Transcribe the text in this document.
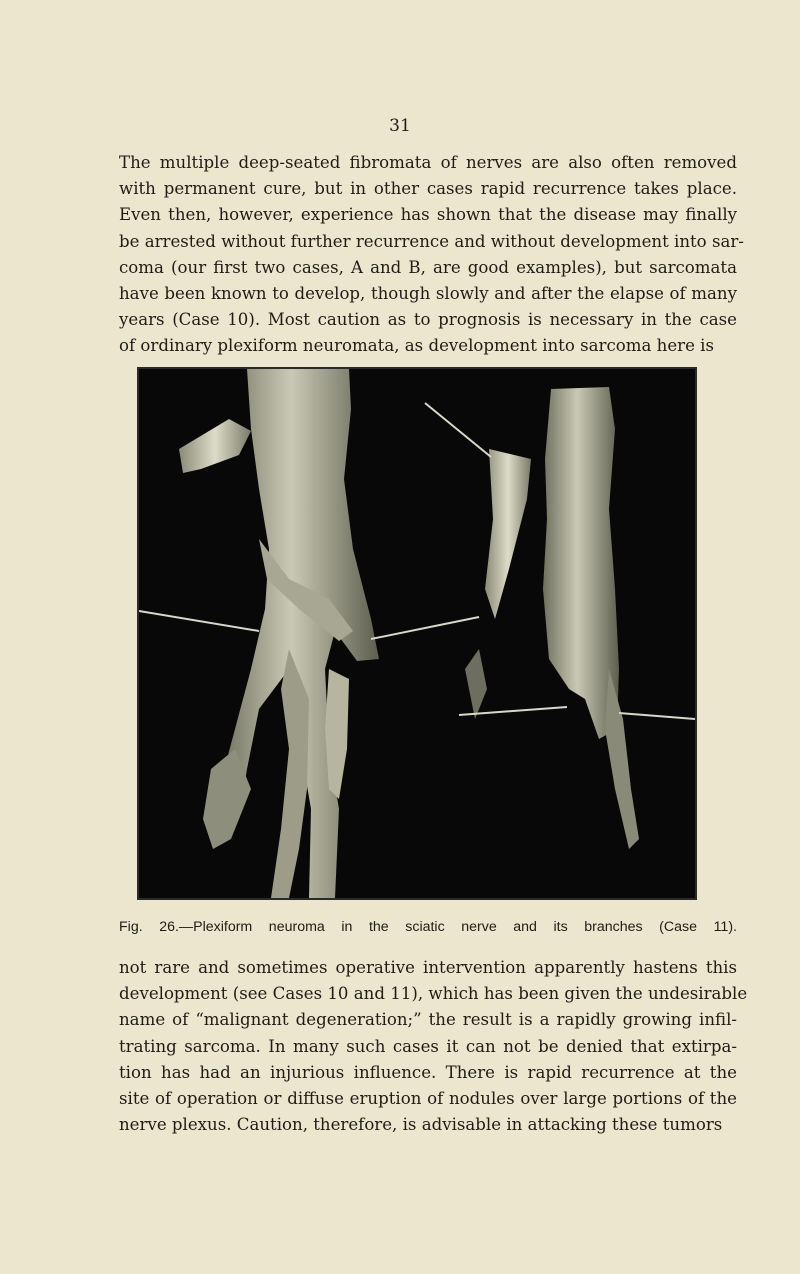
31

The multiple deep-seated fibromata of nerves are also often removed
with permanent cure, but in other cases rapid recurrence takes place.
Even then, however, experience has shown that the disease may finally
be arrested without further recurrence and without development into sar-
coma (our first two cases, A and B, are good examples), but sarcomata
have been known to develop, though slowly and after the elapse of many
years (Case 10). Most caution as to prognosis is necessary in the case
of ordinary plexiform neuromata, as development into sarcoma here is

Fig. 26.—Plexiform neuroma in the sciatic nerve and its branches (Case 11).

not rare and sometimes operative intervention apparently hastens this
development (see Cases 10 and 11), which has been given the undesirable
name of “malignant degeneration;” the result is a rapidly growing infil-
trating sarcoma. In many such cases it can not be denied that extirpa-
tion has had an injurious influence. There is rapid recurrence at the
site of operation or diffuse eruption of nodules over large portions of the
nerve plexus. Caution, therefore, is advisable in attacking these tumors
